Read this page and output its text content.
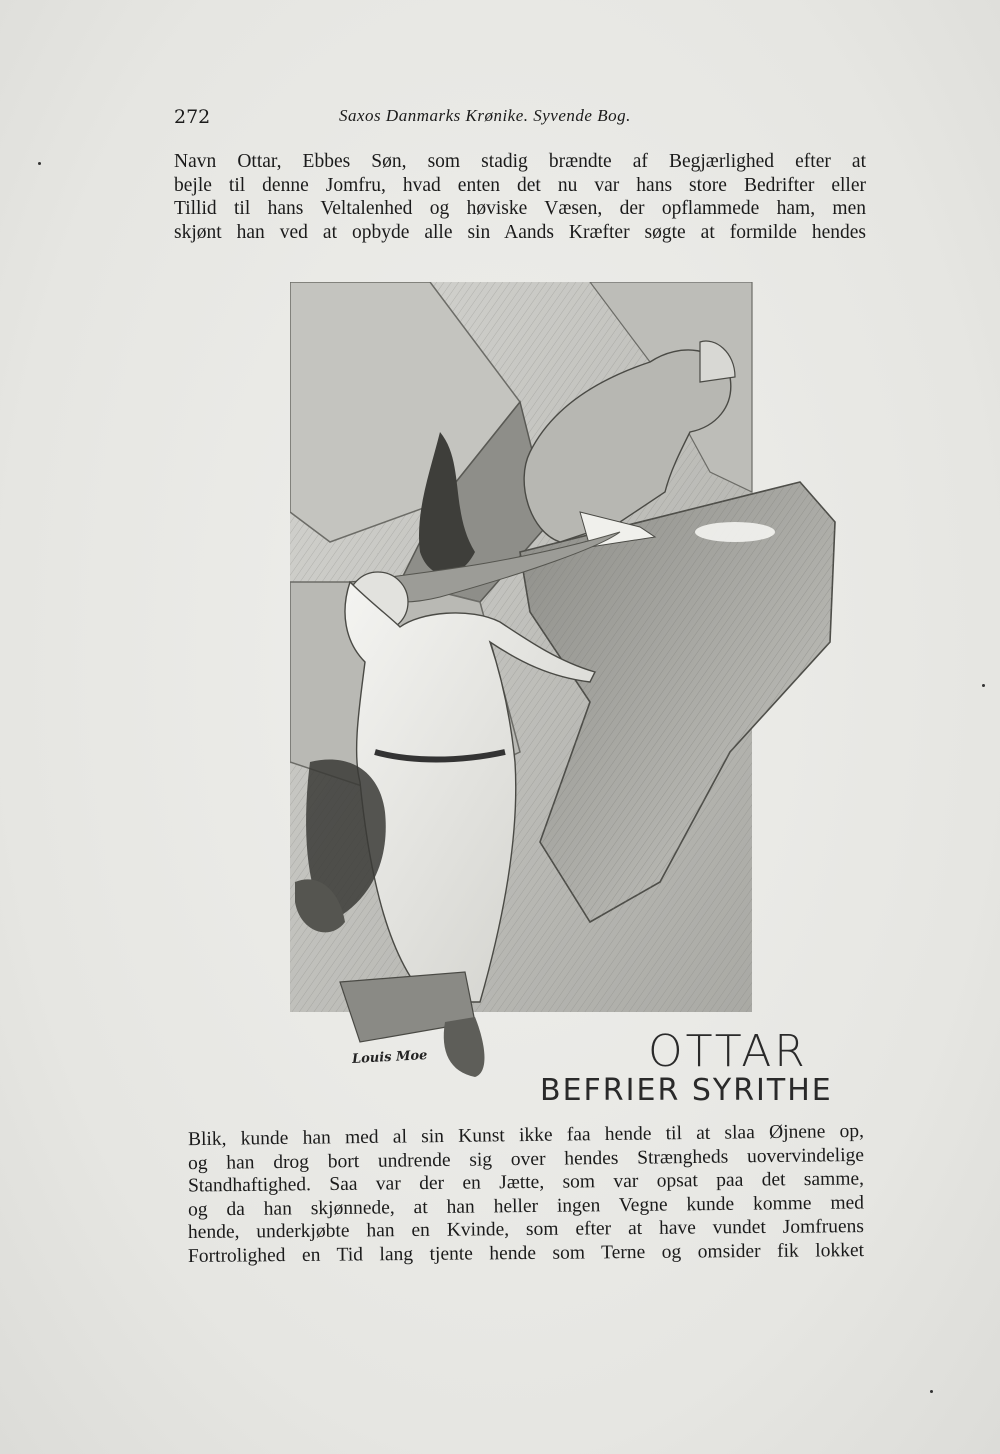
272	Saxos Danmarks Krønike. Syvende Bog.
Navn Ottar, Ebbes Søn, som stadig brændte af Begjærlighed efter at
bejle til denne Jomfru, hvad enten det nu var hans store Bedrifter eller
Tillid til hans Veltalenhed og høviske Væsen, der opflammede ham, men
skjønt han ved at opbyde alle sin Aands Kræfter søgte at formilde hendes
Louis Moe	OTTAR
BEFRIER SYRITHE
Blik, kunde han med al sin Kunst ikke faa hende til at slaa Øjnene op,
og han drog bort undrende sig over hendes Strængheds uovervindelige
Standhaftighed. Saa var der en Jætte, som var opsat paa det samme,
og da han skjønnede, at han heller ingen Vegne kunde komme med
hende, underkjøbte han en Kvinde, som efter at have vundet Jomfruens
Fortrolighed en Tid lang tjente hende som Terne og omsider fik lokket
